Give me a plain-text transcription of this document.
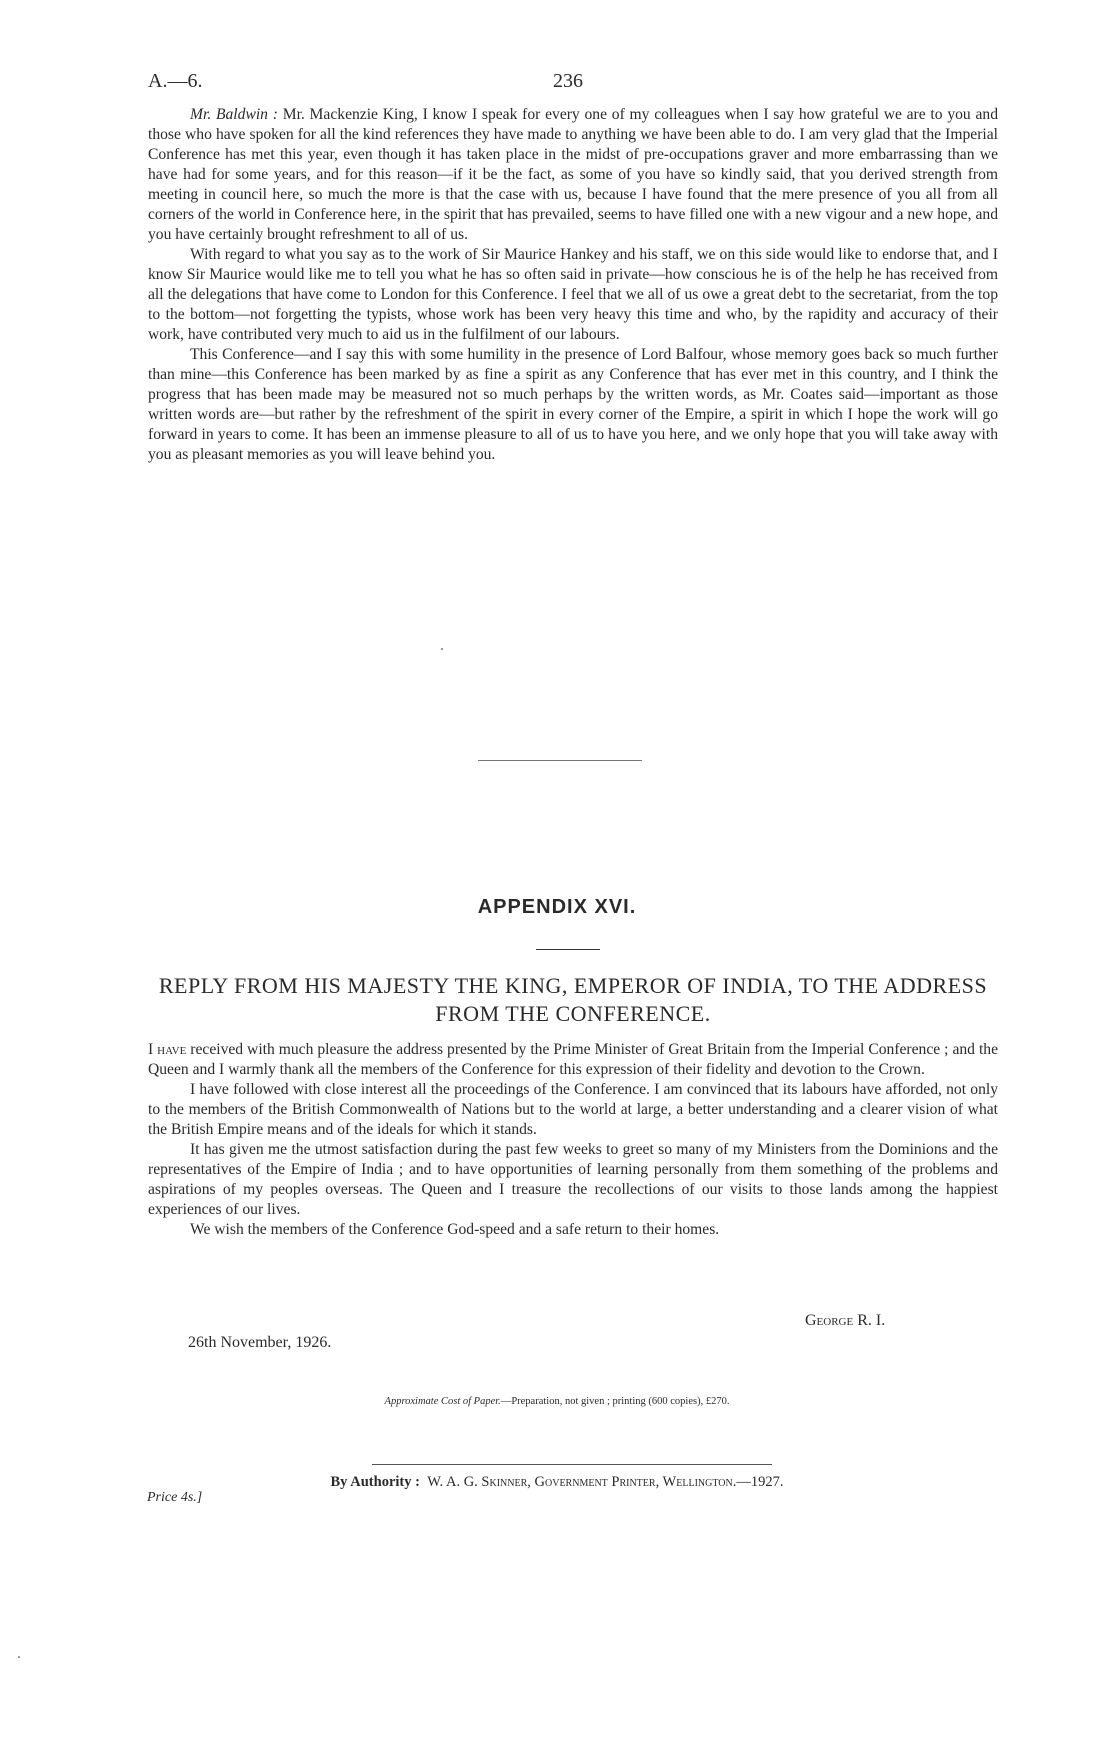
A.—6.	236

Mr. Baldwin : Mr. Mackenzie King, I know I speak for every one of my colleagues when I say how grateful we are to you and those who have spoken for all the kind references they have made to anything we have been able to do. I am very glad that the Imperial Conference has met this year, even though it has taken place in the midst of pre-occupations graver and more embarrassing than we have had for some years, and for this reason—if it be the fact, as some of you have so kindly said, that you derived strength from meeting in council here, so much the more is that the case with us, because I have found that the mere presence of you all from all corners of the world in Conference here, in the spirit that has prevailed, seems to have filled one with a new vigour and a new hope, and you have certainly brought refreshment to all of us.

With regard to what you say as to the work of Sir Maurice Hankey and his staff, we on this side would like to endorse that, and I know Sir Maurice would like me to tell you what he has so often said in private—how conscious he is of the help he has received from all the delegations that have come to London for this Conference. I feel that we all of us owe a great debt to the secretariat, from the top to the bottom—not forgetting the typists, whose work has been very heavy this time and who, by the rapidity and accuracy of their work, have contributed very much to aid us in the fulfilment of our labours.

This Conference—and I say this with some humility in the presence of Lord Balfour, whose memory goes back so much further than mine—this Conference has been marked by as fine a spirit as any Conference that has ever met in this country, and I think the progress that has been made may be measured not so much perhaps by the written words, as Mr. Coates said—important as those written words are—but rather by the refreshment of the spirit in every corner of the Empire, a spirit in which I hope the work will go forward in years to come. It has been an immense pleasure to all of us to have you here, and we only hope that you will take away with you as pleasant memories as you will leave behind you.

APPENDIX XVI.
REPLY FROM HIS MAJESTY THE KING, EMPEROR OF INDIA, TO THE ADDRESS FROM THE CONFERENCE.

I have received with much pleasure the address presented by the Prime Minister of Great Britain from the Imperial Conference ; and the Queen and I warmly thank all the members of the Conference for this expression of their fidelity and devotion to the Crown.

I have followed with close interest all the proceedings of the Conference. I am convinced that its labours have afforded, not only to the members of the British Commonwealth of Nations but to the world at large, a better understanding and a clearer vision of what the British Empire means and of the ideals for which it stands.

It has given me the utmost satisfaction during the past few weeks to greet so many of my Ministers from the Dominions and the representatives of the Empire of India ; and to have opportunities of learning personally from them something of the problems and aspirations of my peoples overseas. The Queen and I treasure the recollections of our visits to those lands among the happiest experiences of our lives.

We wish the members of the Conference God-speed and a safe return to their homes.

George R. I.
26th November, 1926.
Approximate Cost of Paper.—Preparation, not given ; printing (600 copies), £270.
By Authority : W. A. G. Skinner, Government Printer, Wellington.—1927.
Price 4s.]
